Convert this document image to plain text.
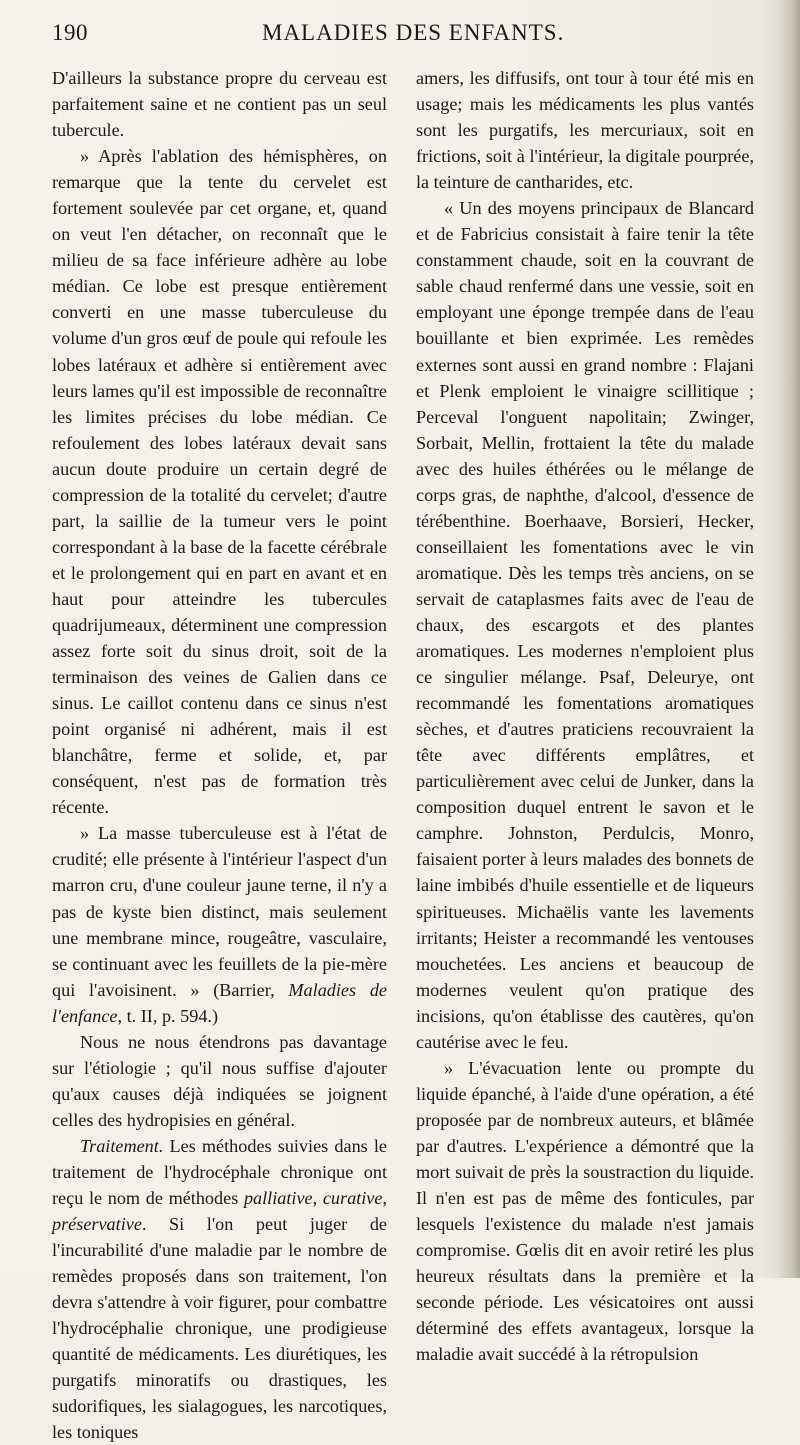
190	MALADIES DES ENFANTS.

D'ailleurs la substance propre du cerveau est parfaitement saine et ne contient pas un seul tubercule.

» Après l'ablation des hémisphères, on remarque que la tente du cervelet est fortement soulevée par cet organe, et, quand on veut l'en détacher, on reconnaît que le milieu de sa face inférieure adhère au lobe médian. Ce lobe est presque entièrement converti en une masse tuberculeuse du volume d'un gros œuf de poule qui refoule les lobes latéraux et adhère si entièrement avec leurs lames qu'il est impossible de reconnaître les limites précises du lobe médian. Ce refoulement des lobes latéraux devait sans aucun doute produire un certain degré de compression de la totalité du cervelet; d'autre part, la saillie de la tumeur vers le point correspondant à la base de la facette cérébrale et le prolongement qui en part en avant et en haut pour atteindre les tubercules quadrijumeaux, déterminent une compression assez forte soit du sinus droit, soit de la terminaison des veines de Galien dans ce sinus. Le caillot contenu dans ce sinus n'est point organisé ni adhérent, mais il est blanchâtre, ferme et solide, et, par conséquent, n'est pas de formation très récente.

» La masse tuberculeuse est à l'état de crudité; elle présente à l'intérieur l'aspect d'un marron cru, d'une couleur jaune terne, il n'y a pas de kyste bien distinct, mais seulement une membrane mince, rougeâtre, vasculaire, se continuant avec les feuillets de la pie-mère qui l'avoisinent. » (Barrier, Maladies de l'enfance, t. II, p. 594.)

Nous ne nous étendrons pas davantage sur l'étiologie ; qu'il nous suffise d'ajouter qu'aux causes déjà indiquées se joignent celles des hydropisies en général.

Traitement. Les méthodes suivies dans le traitement de l'hydrocéphale chronique ont reçu le nom de méthodes palliative, curative, préservative. Si l'on peut juger de l'incurabilité d'une maladie par le nombre de remèdes proposés dans son traitement, l'on devra s'attendre à voir figurer, pour combattre l'hydrocéphalie chronique, une prodigieuse quantité de médicaments. Les diurétiques, les purgatifs minoratifs ou drastiques, les sudorifiques, les sialagogues, les narcotiques, les toniques

amers, les diffusifs, ont tour à tour été mis en usage; mais les médicaments les plus vantés sont les purgatifs, les mercuriaux, soit en frictions, soit à l'intérieur, la digitale pourprée, la teinture de cantharides, etc.

« Un des moyens principaux de Blancard et de Fabricius consistait à faire tenir la tête constamment chaude, soit en la couvrant de sable chaud renfermé dans une vessie, soit en employant une éponge trempée dans de l'eau bouillante et bien exprimée. Les remèdes externes sont aussi en grand nombre : Flajani et Plenk emploient le vinaigre scillitique ; Perceval l'onguent napolitain; Zwinger, Sorbait, Mellin, frottaient la tête du malade avec des huiles éthérées ou le mélange de corps gras, de naphthe, d'alcool, d'essence de térébenthine. Boerhaave, Borsieri, Hecker, conseillaient les fomentations avec le vin aromatique. Dès les temps très anciens, on se servait de cataplasmes faits avec de l'eau de chaux, des escargots et des plantes aromatiques. Les modernes n'emploient plus ce singulier mélange. Psaf, Deleurye, ont recommandé les fomentations aromatiques sèches, et d'autres praticiens recouvraient la tête avec différents emplâtres, et particulièrement avec celui de Junker, dans la composition duquel entrent le savon et le camphre. Johnston, Perdulcis, Monro, faisaient porter à leurs malades des bonnets de laine imbibés d'huile essentielle et de liqueurs spiritueuses. Michaëlis vante les lavements irritants; Heister a recommandé les ventouses mouchetées. Les anciens et beaucoup de modernes veulent qu'on pratique des incisions, qu'on établisse des cautères, qu'on cautérise avec le feu.

» L'évacuation lente ou prompte du liquide épanché, à l'aide d'une opération, a été proposée par de nombreux auteurs, et blâmée par d'autres. L'expérience a démontré que la mort suivait de près la soustraction du liquide. Il n'en est pas de même des fonticules, par lesquels l'existence du malade n'est jamais compromise. Gœlis dit en avoir retiré les plus heureux résultats dans la première et la seconde période. Les vésicatoires ont aussi déterminé des effets avantageux, lorsque la maladie avait succédé à la rétropulsion
